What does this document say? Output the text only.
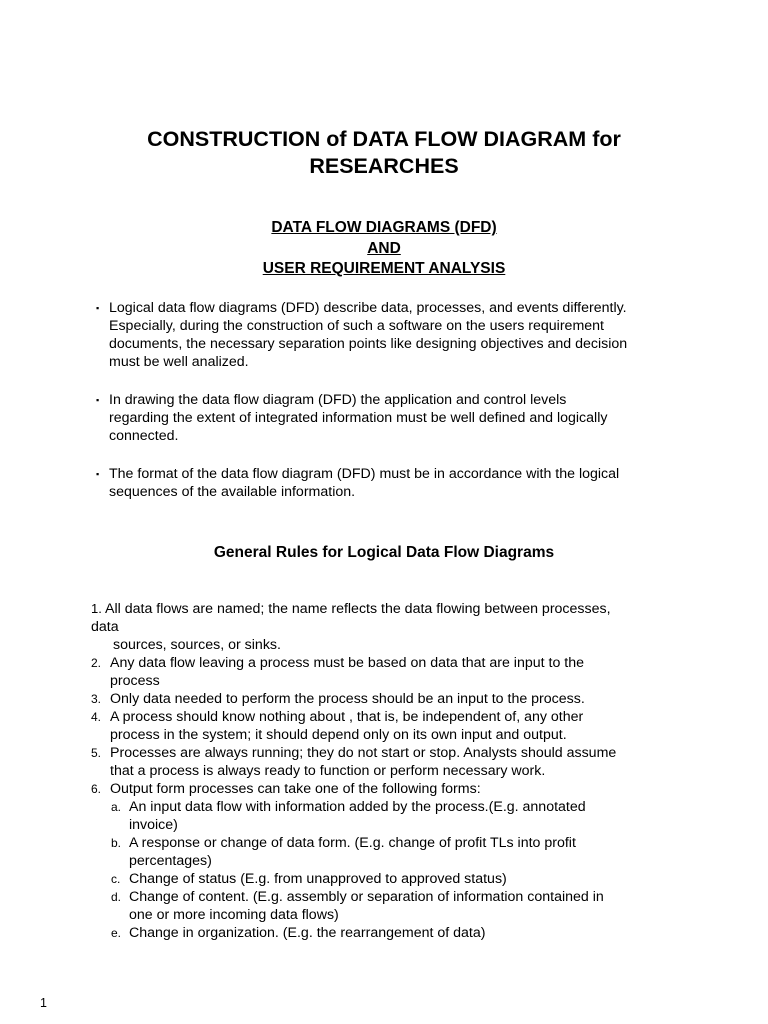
CONSTRUCTION of DATA FLOW DIAGRAM for
RESEARCHES
DATA FLOW DIAGRAMS (DFD)
AND
USER REQUIREMENT ANALYSIS
▪ Logical data flow diagrams (DFD) describe data, processes, and events differently.
Especially, during the construction of such a software on the users requirement
documents, the necessary separation points like designing objectives and decision
must be well analized.
▪ In drawing the data flow diagram (DFD) the application and control levels
regarding the extent of integrated information must be well defined and logically
connected.
▪ The format of the data flow diagram (DFD) must be in accordance with the logical
sequences of the available information.
General Rules for Logical Data Flow Diagrams
1. All data flows are named; the name reflects the data flowing between processes,
data
sources, sources, or sinks.
2. Any data flow leaving a process must be based on data that are input to the
process
3. Only data needed to perform the process should be an input to the process.
4. A process should know nothing about , that is, be independent of, any other
process in the system; it should depend only on its own input and output.
5. Processes are always running; they do not start or stop. Analysts should assume
that a process is always ready to function or perform necessary work.
6. Output form processes can take one of the following forms:
a. An input data flow with information added by the process.(E.g. annotated
invoice)
b. A response or change of data form. (E.g. change of profit TLs into profit
percentages)
c. Change of status (E.g. from unapproved to approved status)
d. Change of content. (E.g. assembly or separation of information contained in
one or more incoming data flows)
e. Change in organization. (E.g. the rearrangement of data)
1
